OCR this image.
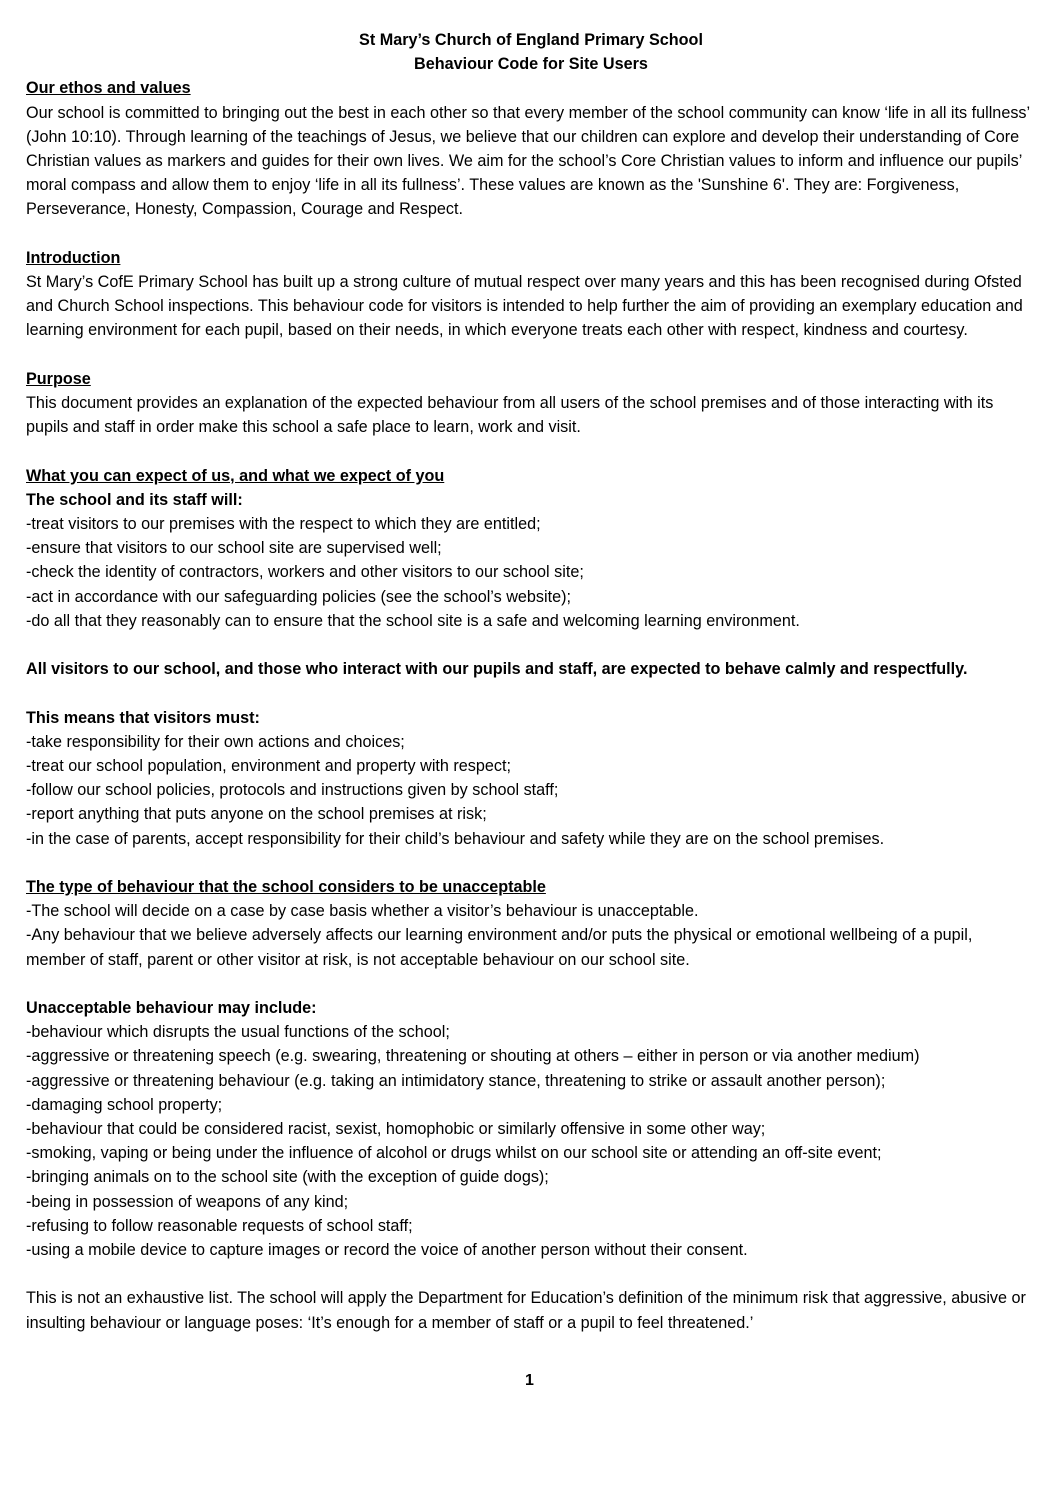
St Mary’s Church of England Primary School

Behaviour Code for Site Users

Our ethos and values

Our school is committed to bringing out the best in each other so that every member of the school community can know ‘life in all its fullness’ (John 10:10). Through learning of the teachings of Jesus, we believe that our children can explore and develop their understanding of Core Christian values as markers and guides for their own lives. We aim for the school’s Core Christian values to inform and influence our pupils’ moral compass and allow them to enjoy ‘life in all its fullness’. These values are known as the 'Sunshine 6'. They are: Forgiveness, Perseverance, Honesty, Compassion, Courage and Respect.

Introduction

St Mary’s CofE Primary School has built up a strong culture of mutual respect over many years and this has been recognised during Ofsted and Church School inspections. This behaviour code for visitors is intended to help further the aim of providing an exemplary education and learning environment for each pupil, based on their needs, in which everyone treats each other with respect, kindness and courtesy.

Purpose

This document provides an explanation of the expected behaviour from all users of the school premises and of those interacting with its pupils and staff in order make this school a safe place to learn, work and visit.

What you can expect of us, and what we expect of you

The school and its staff will:

-treat visitors to our premises with the respect to which they are entitled;
-ensure that visitors to our school site are supervised well;
-check the identity of contractors, workers and other visitors to our school site;
-act in accordance with our safeguarding policies (see the school’s website);
-do all that they reasonably can to ensure that the school site is a safe and welcoming learning environment.

All visitors to our school, and those who interact with our pupils and staff, are expected to behave calmly and respectfully.

This means that visitors must:

-take responsibility for their own actions and choices;
-treat our school population, environment and property with respect;
-follow our school policies, protocols and instructions given by school staff;
-report anything that puts anyone on the school premises at risk;
-in the case of parents, accept responsibility for their child’s behaviour and safety while they are on the school premises.

The type of behaviour that the school considers to be unacceptable

-The school will decide on a case by case basis whether a visitor’s behaviour is unacceptable.

-Any behaviour that we believe adversely affects our learning environment and/or puts the physical or emotional wellbeing of a pupil, member of staff, parent or other visitor at risk, is not acceptable behaviour on our school site.

Unacceptable behaviour may include:

-behaviour which disrupts the usual functions of the school;
-aggressive or threatening speech (e.g. swearing, threatening or shouting at others – either in person or via another medium)
-aggressive or threatening behaviour (e.g. taking an intimidatory stance, threatening to strike or assault another person);
-damaging school property;
-behaviour that could be considered racist, sexist, homophobic or similarly offensive in some other way;
-smoking, vaping or being under the influence of alcohol or drugs whilst on our school site or attending an off-site event;
-bringing animals on to the school site (with the exception of guide dogs);
-being in possession of weapons of any kind;
-refusing to follow reasonable requests of school staff;
-using a mobile device to capture images or record the voice of another person without their consent.

This is not an exhaustive list. The school will apply the Department for Education’s definition of the minimum risk that aggressive, abusive or insulting behaviour or language poses: ‘It’s enough for a member of staff or a pupil to feel threatened.’

1
